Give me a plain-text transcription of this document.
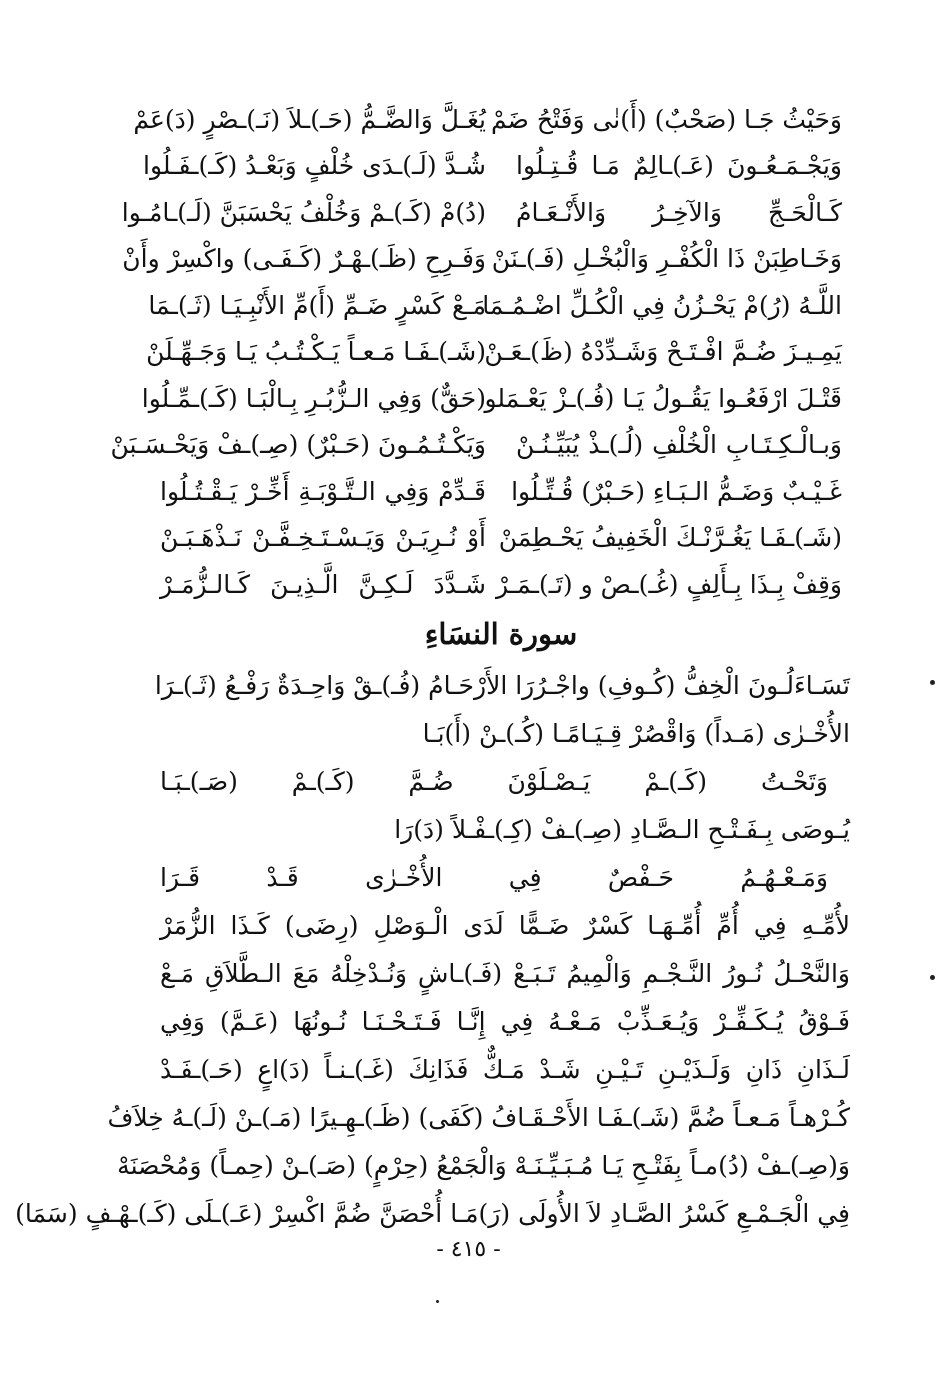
وَحَيْثُ جَـا (صَحْبٌ) (أَ)نٰى وَفَتْحُ ضَمْ
يُغَـلَّ وَالضَّـمُّ (حَـ)ـلاَ (نَـ)ـصْرٍ (دَ)عَمْ
وَيَجْـمَـعُـونَ (عَـ)ـالِمٌ مَـا قُـتِـلُوا
شُـدَّ (لَـ)ـدَى خُلْفٍ وَبَعْـدُ (كَـ)ـفَـلُوا
كَـالْحَـجِّ وَالآخِـرُ وَالأَنْـعَـامُ
(دُ)مْ (كَـ)ـمْ وَخُلْفُ يَحْسَبَنَّ (لَـ)ـامُـوا
وَخَـاطِبَنْ ذَا الْكُفْـرِ وَالْبُخْـلِ (فَـ)ـنَنْ
وَفَـرِحِ (ظَـ)ـهْـرٌ (كَـفَـى) واكْسِرْ وأَنْ
اللَّـهُ (رُ)مْ يَحْـزُنُ فِي الْكُـلِّ اضْـمُـمَا
مَـعْ كَسْرٍ ضَـمِّ (أَ)مِّ الأَنْبِـيَـا (ثَـ)ـمَا
يَمِـيـزَ ضُـمَّ افْـتَـحْ وَشَـدِّدْهُ (ظَ)ـعَـنْ
(شَـ)ـفَـا مَـعـاً يَـكْـتُـبُ يَـا وَجَـهِّـلَنْ
قَتْـلَ ارْفَعُـوا يَقُـولُ يَـا (فُـ)ـزْ يَعْـمَلو
(حَقٌّ) وَفِي الـزُّبُـرِ بِـالْبَـا (كَـ)ـمِّـلُوا
وَبـالْـكِـتَـابِ الْخُلْفِ (لُـ)ـذْ يُبَيِّـنُـنْ
وَيَكْـتُـمُـونَ (حَـبْرٌ) (صِـ)ـفْ وَيَحْـسَـبَنْ
غَـيْـبٌ وَضَـمُّ الـبَـاءِ (حَـبْرٌ) قُـتِّـلُوا
قَـدِّمْ وَفِي الـتَّـوْبَـةِ أَخِّـرْ يَـقْـتُـلُوا
(شَـ)ـفَـا يَغُـرَّنْـكَ الْخَفِيفُ يَحْـطِمَنْ
أَوْ نُـرِيَـنْ وَيَـسْـتَـخِـفَّـنْ نَـذْهَـبَـنْ
وَقِفْ بِـذَا بِـأَلِفٍ (غُـ)ـصْ و (تَـ)ـمَـرْ
شَـدَّدَ لَـكِـنَّ الَّـذِيـنَ كَـالـزُّمَـرْ
سورة النسَاءِ
تَسَـاءَلُـونَ الْخِفُّ (كُـوفِ) واجْـرُرَا الأَرْحَـامُ (فُـ)ـقْ وَاحِـدَةٌ رَفْـعُ (ثَـ)ـرَا
الأُخْـرٰى (مَـداً) وَاقْصُرْ قِـيَـامًـا (كُـ)ـنْ (أَ)بَـا
وَتَحْـتُ (كَـ)ـمْ يَـصْـلَوْنَ ضُـمَّ (كَـ)ـمْ (صَـ)ـبَـا
يُـوصَى بِـفَـتْـحِ الـصَّـادِ (صِـ)ـفْ (كِـ)ـفْـلاً (دَ)رَا
وَمَـعْـهُـمُ حَـفْصٌ فِي الأُخْـرٰى قَـدْ قَـرَا
لأُمِّـهِ فِي أُمِّ أُمِّـهَـا كَسْرٌ ضَـمًّا لَدَى الْـوَصْلِ (رِضَى) كَـذَا الزُّمَرْ
وَالنَّحْـلُ نُـورُ النَّـجْـمِ وَالْمِيمُ تَـبَـعْ (فَـ)ـاشٍ وَنُـدْخِلْهُ مَعَ الـطَّلاَقِ مَـعْ
فَـوْقُ يُـكَـفِّـرْ وَيُـعَـذِّبْ مَـعْـهُ فِي إِنَّـا فَـتَـحْـنَـا نُـونُهَا (عَـمَّ) وَفِي
لَـذَانِ ذَانِ وَلَـذَيْـنِ تَـيْـنِ شَـدْ مَـكٌّ فَذَانِكَ (غَـ)ـنـاً (دَ)اعٍ (حَـ)ـفَـدْ
كُـرْهـاً مَـعـاً ضُمَّ (شَـ)ـفَـا الأَحْـقَـافُ (كَفَى) (ظَـ)ـهِـيرًا (مَـ)ـنْ (لَـ)ـهُ خِلاَفُ
وَ(صِـ)ـفْ (دُ)مـاً بِفَتْـحِ يَـا مُـبَـيِّـنَـهْ وَالْجَمْعُ (حِرْمٍ) (صَـ)ـنْ (حِمـاً) وَمُحْصَنَهْ
فِي الْجَـمْـعِ كَسْرُ الصَّـادِ لاَ الأُولَى (رَ)مَـا أُحْصَنَّ ضُمَّ اكْسِرْ (عَـ)ـلَى (كَـ)ـهْـفٍ (سَمَا)
- ٤١٥ -
